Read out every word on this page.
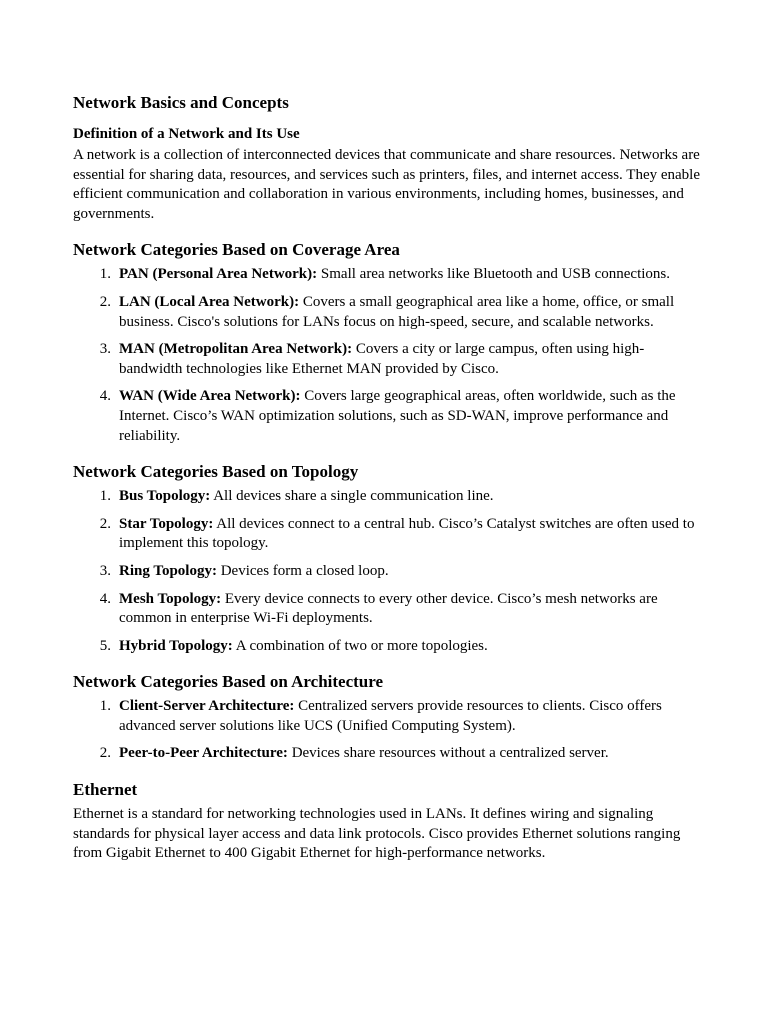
Network Basics and Concepts
Definition of a Network and Its Use

A network is a collection of interconnected devices that communicate and share resources. Networks are essential for sharing data, resources, and services such as printers, files, and internet access. They enable efficient communication and collaboration in various environments, including homes, businesses, and governments.

Network Categories Based on Coverage Area
1. PAN (Personal Area Network): Small area networks like Bluetooth and USB connections.
2. LAN (Local Area Network): Covers a small geographical area like a home, office, or small business. Cisco's solutions for LANs focus on high-speed, secure, and scalable networks.
3. MAN (Metropolitan Area Network): Covers a city or large campus, often using high-bandwidth technologies like Ethernet MAN provided by Cisco.
4. WAN (Wide Area Network): Covers large geographical areas, often worldwide, such as the Internet. Cisco’s WAN optimization solutions, such as SD-WAN, improve performance and reliability.
Network Categories Based on Topology
1. Bus Topology: All devices share a single communication line.
2. Star Topology: All devices connect to a central hub. Cisco’s Catalyst switches are often used to implement this topology.
3. Ring Topology: Devices form a closed loop.
4. Mesh Topology: Every device connects to every other device. Cisco’s mesh networks are common in enterprise Wi-Fi deployments.
5. Hybrid Topology: A combination of two or more topologies.
Network Categories Based on Architecture
1. Client-Server Architecture: Centralized servers provide resources to clients. Cisco offers advanced server solutions like UCS (Unified Computing System).
2. Peer-to-Peer Architecture: Devices share resources without a centralized server.
Ethernet

Ethernet is a standard for networking technologies used in LANs. It defines wiring and signaling standards for physical layer access and data link protocols. Cisco provides Ethernet solutions ranging from Gigabit Ethernet to 400 Gigabit Ethernet for high-performance networks.
